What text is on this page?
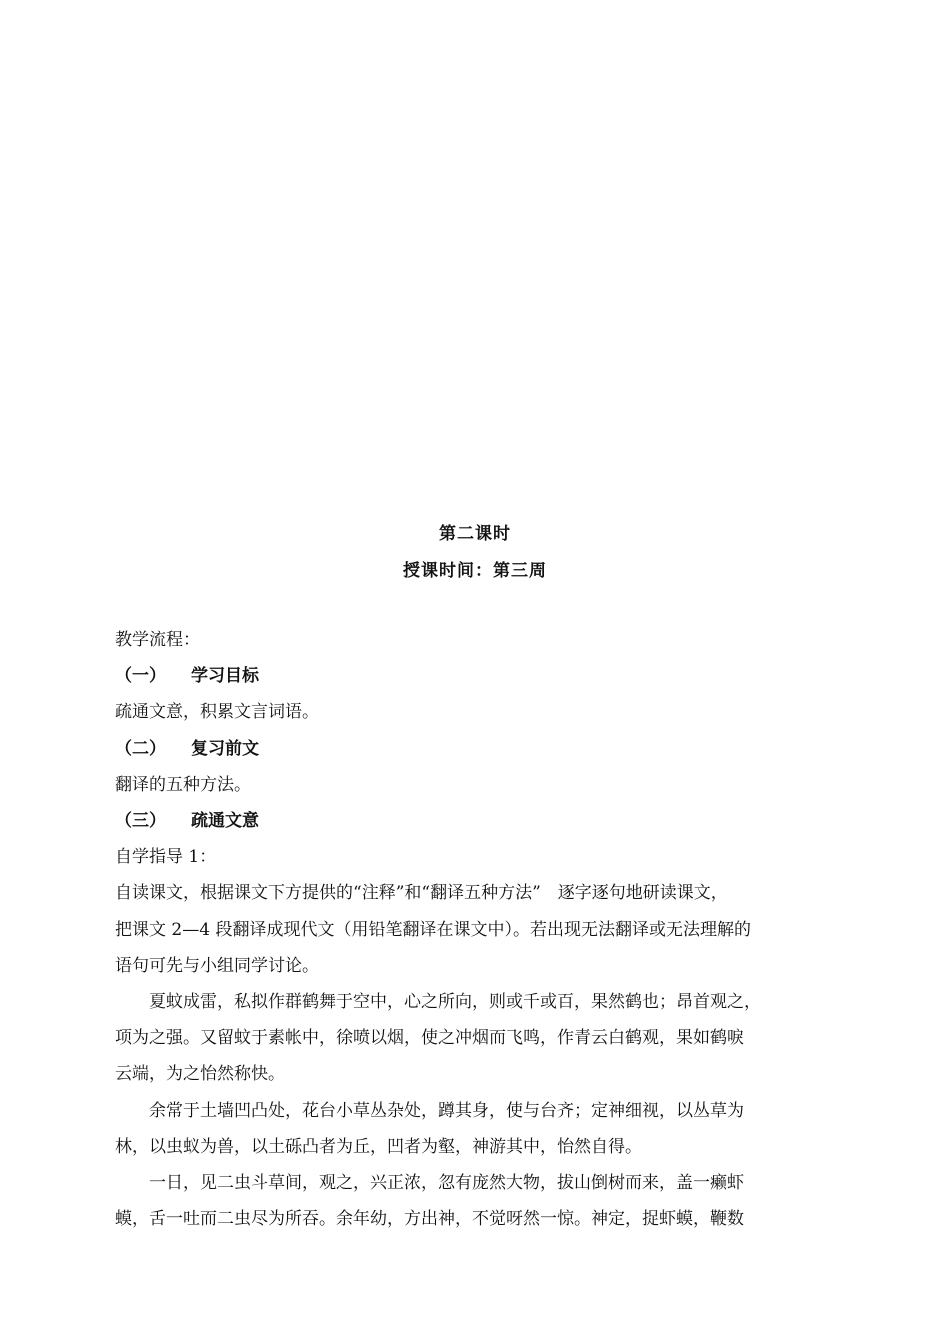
第二课时
授课时间：第三周
教学流程：
（一） 学习目标
疏通文意，积累文言词语。
（二） 复习前文
翻译的五种方法。
（三） 疏通文意
自学指导 1：
自读课文，根据课文下方提供的“注释”和“翻译五种方法”　逐字逐句地研读课文，
把课文 2—4 段翻译成现代文（用铅笔翻译在课文中）。若出现无法翻译或无法理解的
语句可先与小组同学讨论。
夏蚊成雷，私拟作群鹤舞于空中，心之所向，则或千或百，果然鹤也；昂首观之，
项为之强。又留蚊于素帐中，徐喷以烟，使之冲烟而飞鸣，作青云白鹤观，果如鹤唳
云端，为之怡然称快。
余常于土墙凹凸处，花台小草丛杂处，蹲其身，使与台齐；定神细视，以丛草为
林，以虫蚁为兽，以土砾凸者为丘，凹者为壑，神游其中，怡然自得。
一日，见二虫斗草间，观之，兴正浓，忽有庞然大物，拔山倒树而来，盖一癞虾
蟆，舌一吐而二虫尽为所吞。余年幼，方出神，不觉呀然一惊。神定，捉虾蟆，鞭数
